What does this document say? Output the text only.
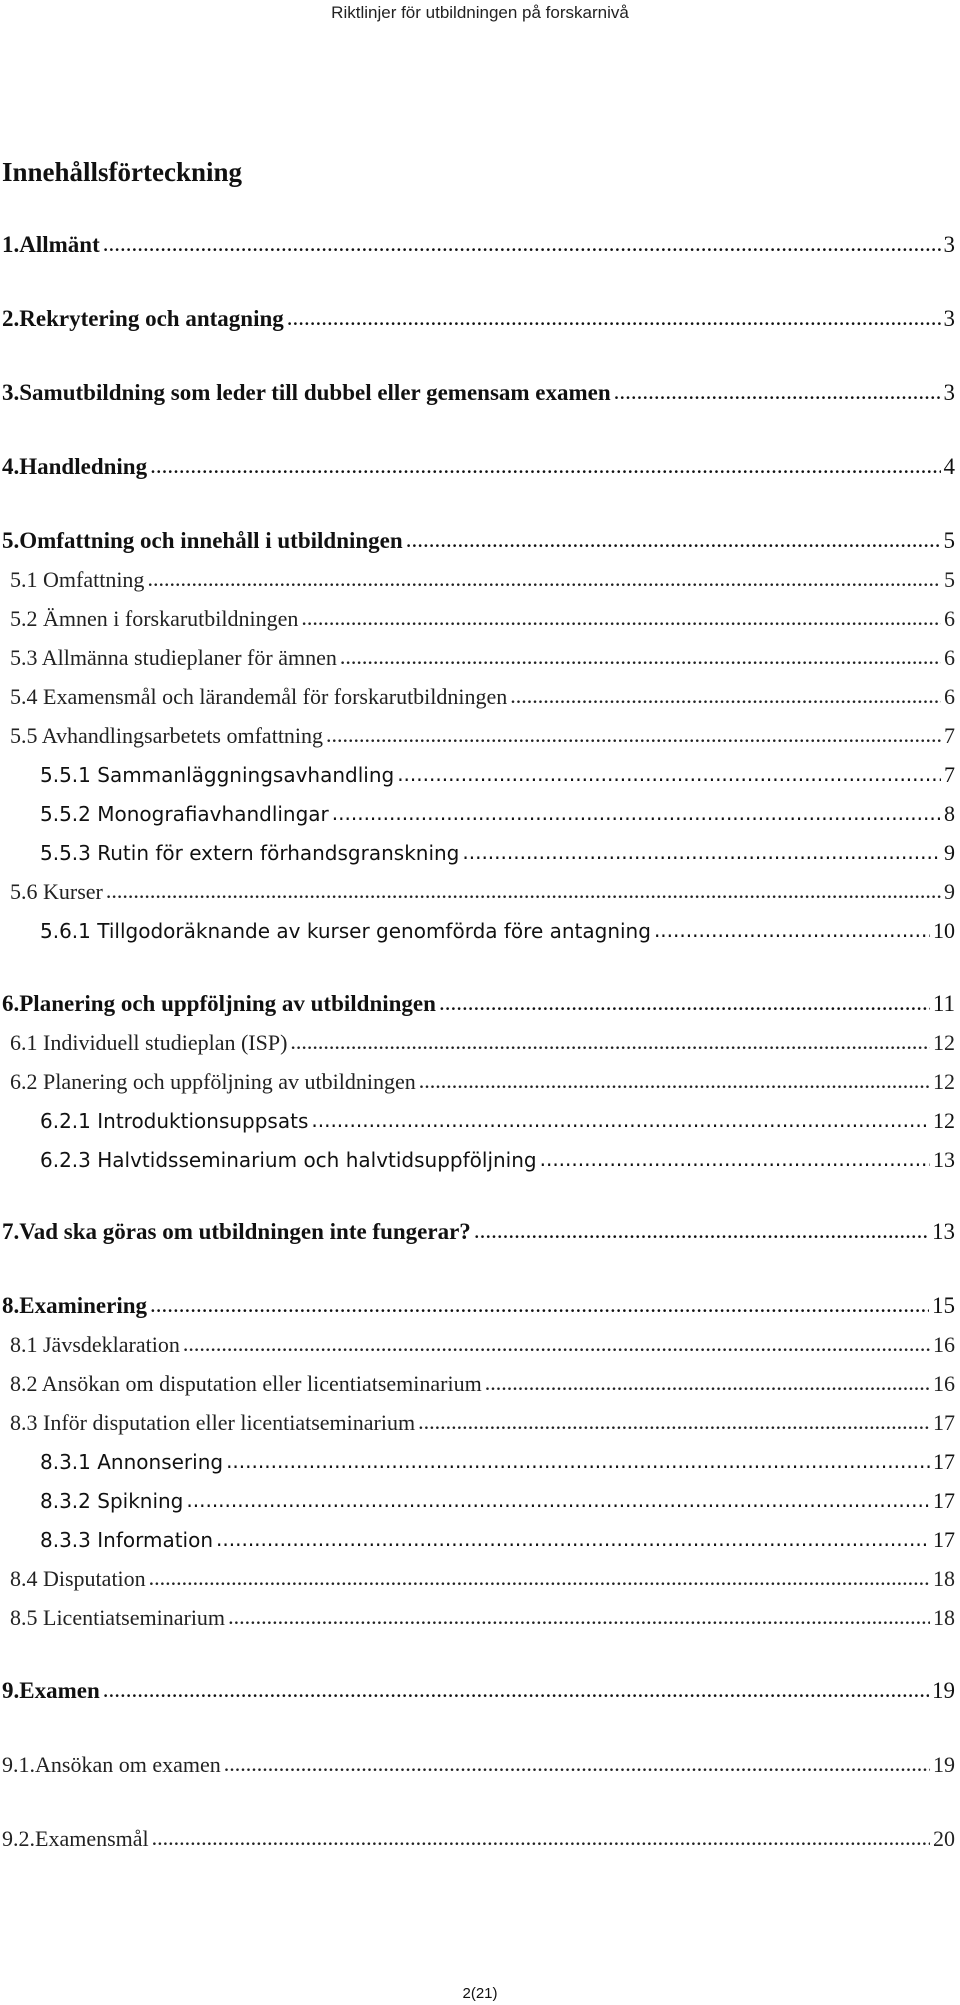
Riktlinjer för utbildningen på forskarnivå
Innehållsförteckning
1. Allmänt .....	3
2. Rekrytering och antagning .....	3
3. Samutbildning som leder till dubbel eller gemensam examen .....	3
4. Handledning .....	4
5. Omfattning och innehåll i utbildningen .....	5
5.1 Omfattning .....	5
5.2 Ämnen i forskarutbildningen .....	6
5.3 Allmänna studieplaner för ämnen .....	6
5.4 Examensmål och lärandemål för forskarutbildningen .....	6
5.5 Avhandlingsarbetets omfattning .....	7
5.5.1 Sammanläggningsavhandling .....	7
5.5.2 Monografiavhandlingar .....	8
5.5.3 Rutin för extern förhandsgranskning .....	9
5.6 Kurser .....	9
5.6.1 Tillgodoräknande av kurser genomförda före antagning .....	10
6. Planering och uppföljning av utbildningen .....	11
6.1 Individuell studieplan (ISP) .....	12
6.2 Planering och uppföljning av utbildningen .....	12
6.2.1 Introduktionsuppsats .....	12
6.2.3 Halvtidsseminarium och halvtidsuppföljning .....	13
7. Vad ska göras om utbildningen inte fungerar? .....	13
8. Examinering .....	15
8.1 Jävsdeklaration .....	16
8.2 Ansökan om disputation eller licentiatseminarium .....	16
8.3 Inför disputation eller licentiatseminarium .....	17
8.3.1 Annonsering .....	17
8.3.2 Spikning .....	17
8.3.3 Information .....	17
8.4 Disputation .....	18
8.5 Licentiatseminarium .....	18
9. Examen .....	19
9.1. Ansökan om examen .....	19
9.2. Examensmål .....	20
2(21)
